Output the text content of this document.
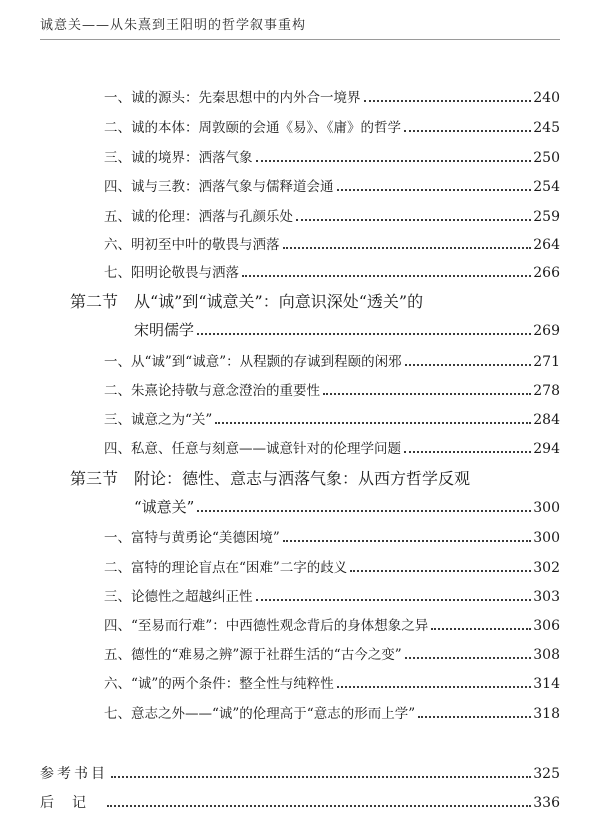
诚意关——从朱熹到王阳明的哲学叙事重构
一、诚的源头：先秦思想中的内外合一境界	240
二、诚的本体：周敦颐的会通《易》、《庸》的哲学	245
三、诚的境界：洒落气象	250
四、诚与三教：洒落气象与儒释道会通	254
五、诚的伦理：洒落与孔颜乐处	259
六、明初至中叶的敬畏与洒落	264
七、阳明论敬畏与洒落	266
第二节 从“诚”到“诚意关”：向意识深处“透关”的
宋明儒学	269
一、从“诚”到“诚意”：从程颢的存诚到程颐的闲邪	271
二、朱熹论持敬与意念澄治的重要性	278
三、诚意之为“关”	284
四、私意、任意与刻意——诚意针对的伦理学问题	294
第三节 附论：德性、意志与洒落气象：从西方哲学反观
“诚意关”	300
一、富特与黄勇论“美德困境”	300
二、富特的理论盲点在“困难”二字的歧义	302
三、论德性之超越纠正性	303
四、“至易而行难”：中西德性观念背后的身体想象之异	306
五、德性的“难易之辨”源于社群生活的“古今之变”	308
六、“诚”的两个条件：整全性与纯粹性	314
七、意志之外——“诚”的伦理高于“意志的形而上学”	318
参考书目	325
后记	336
